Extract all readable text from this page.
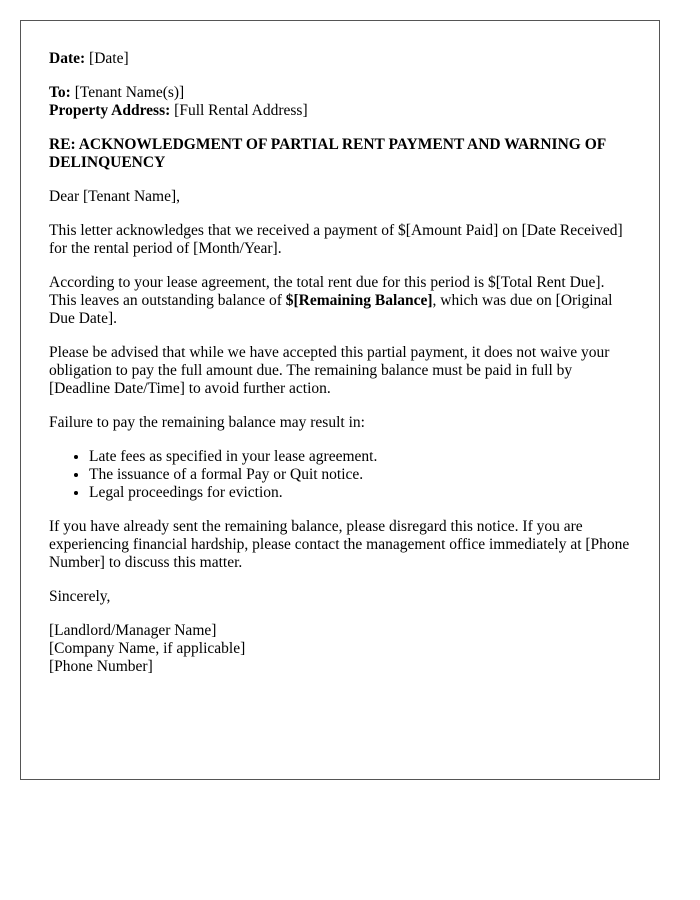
Date: [Date]

To: [Tenant Name(s)]
Property Address: [Full Rental Address]
RE: ACKNOWLEDGMENT OF PARTIAL RENT PAYMENT AND WARNING OF DELINQUENCY

Dear [Tenant Name],

This letter acknowledges that we received a payment of $[Amount Paid] on [Date Received] for the rental period of [Month/Year].

According to your lease agreement, the total rent due for this period is $[Total Rent Due]. This leaves an outstanding balance of $[Remaining Balance], which was due on [Original Due Date].

Please be advised that while we have accepted this partial payment, it does not waive your obligation to pay the full amount due. The remaining balance must be paid in full by [Deadline Date/Time] to avoid further action.

Failure to pay the remaining balance may result in:

• Late fees as specified in your lease agreement.
• The issuance of a formal Pay or Quit notice.
• Legal proceedings for eviction.

If you have already sent the remaining balance, please disregard this notice. If you are experiencing financial hardship, please contact the management office immediately at [Phone Number] to discuss this matter.

Sincerely,

[Landlord/Manager Name]
[Company Name, if applicable]
[Phone Number]
